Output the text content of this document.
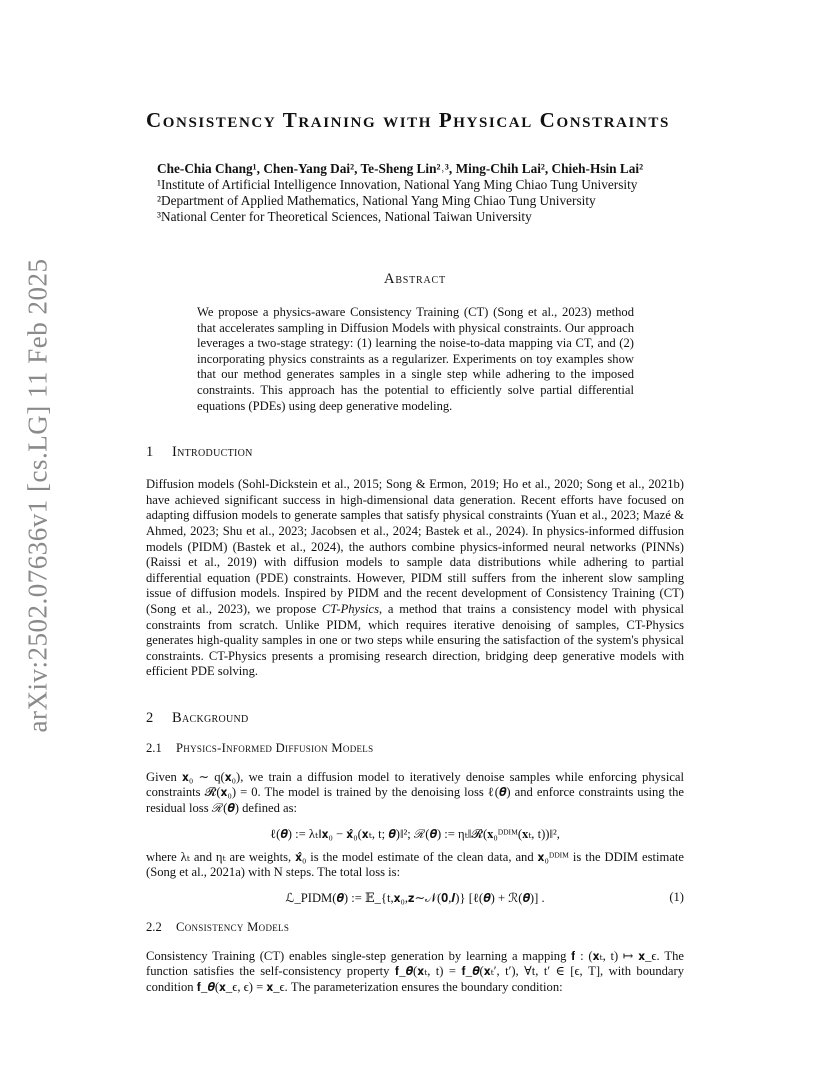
arXiv:2502.07636v1 [cs.LG] 11 Feb 2025
Consistency Training with Physical Constraints
Che-Chia Chang¹, Chen-Yang Dai², Te-Sheng Lin²˒³, Ming-Chih Lai², Chieh-Hsin Lai²
¹Institute of Artificial Intelligence Innovation, National Yang Ming Chiao Tung University
²Department of Applied Mathematics, National Yang Ming Chiao Tung University
³National Center for Theoretical Sciences, National Taiwan University
Abstract
We propose a physics-aware Consistency Training (CT) (Song et al., 2023) method that accelerates sampling in Diffusion Models with physical constraints. Our approach leverages a two-stage strategy: (1) learning the noise-to-data mapping via CT, and (2) incorporating physics constraints as a regularizer. Experiments on toy examples show that our method generates samples in a single step while adhering to the imposed constraints. This approach has the potential to efficiently solve partial differential equations (PDEs) using deep generative modeling.
1 Introduction
Diffusion models (Sohl-Dickstein et al., 2015; Song & Ermon, 2019; Ho et al., 2020; Song et al., 2021b) have achieved significant success in high-dimensional data generation. Recent efforts have focused on adapting diffusion models to generate samples that satisfy physical constraints (Yuan et al., 2023; Mazé & Ahmed, 2023; Shu et al., 2023; Jacobsen et al., 2024; Bastek et al., 2024). In physics-informed diffusion models (PIDM) (Bastek et al., 2024), the authors combine physics-informed neural networks (PINNs) (Raissi et al., 2019) with diffusion models to sample data distributions while adhering to partial differential equation (PDE) constraints. However, PIDM still suffers from the inherent slow sampling issue of diffusion models. Inspired by PIDM and the recent development of Consistency Training (CT) (Song et al., 2023), we propose CT-Physics, a method that trains a consistency model with physical constraints from scratch. Unlike PIDM, which requires iterative denoising of samples, CT-Physics generates high-quality samples in one or two steps while ensuring the satisfaction of the system's physical constraints. CT-Physics presents a promising research direction, bridging deep generative models with efficient PDE solving.
2 Background
2.1 Physics-Informed Diffusion Models
Given 𝐱₀ ∼ q(𝐱₀), we train a diffusion model to iteratively denoise samples while enforcing physical constraints 𝓡(𝐱₀) = 0. The model is trained by the denoising loss ℓ(𝜽) and enforce constraints using the residual loss ℛ(𝜽) defined as:
ℓ(𝜽) := λₜ‖𝐱₀ − 𝐱̂₀(𝐱ₜ, t; 𝜽)‖²; ℛ(𝜽) := ηₜ‖𝓡(𝐱₀ᴰᴰᴵᴹ(𝐱ₜ, t))‖²,
where λₜ and ηₜ are weights, 𝐱̂₀ is the model estimate of the clean data, and 𝐱₀ᴰᴰᴵᴹ is the DDIM estimate (Song et al., 2021a) with N steps. The total loss is:
ℒ_PIDM(𝜽) := 𝔼_{t,𝐱₀,𝐳∼𝒩(𝟎,𝑰)} [ℓ(𝜽) + ℛ(𝜽)] .	(1)
2.2 Consistency Models
Consistency Training (CT) enables single-step generation by learning a mapping 𝐟 : (𝐱ₜ, t) ↦ 𝐱_ϵ. The function satisfies the self-consistency property 𝐟_𝜽(𝐱ₜ, t) = 𝐟_𝜽(𝐱ₜ′, t′), ∀t, t′ ∈ [ϵ, T], with boundary condition 𝐟_𝜽(𝐱_ϵ, ϵ) = 𝐱_ϵ. The parameterization ensures the boundary condition:
